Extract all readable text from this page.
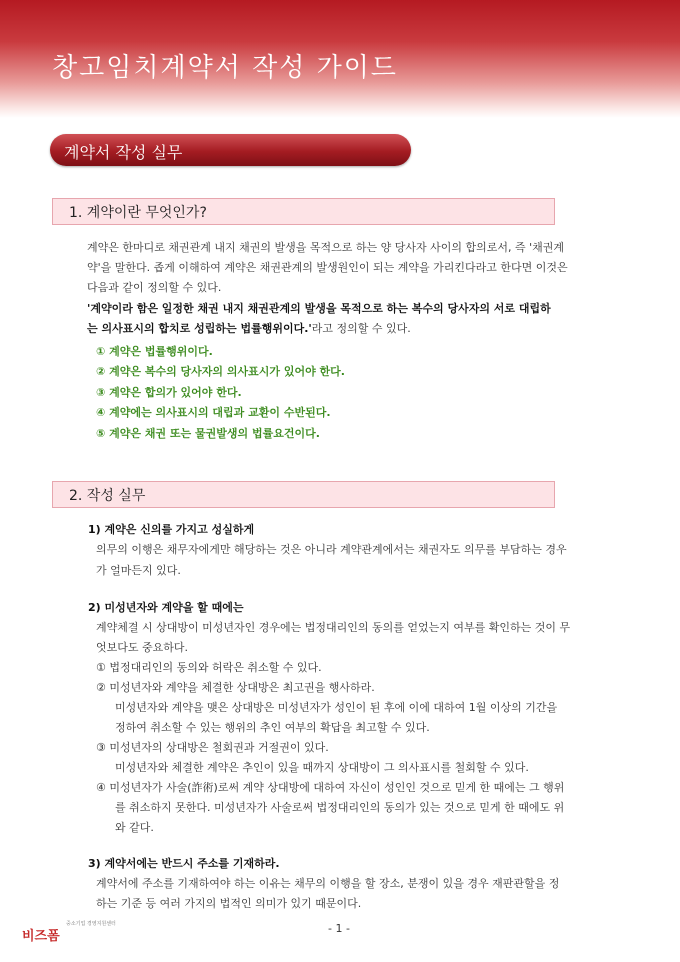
창고임치계약서 작성 가이드
계약서 작성 실무
1. 계약이란 무엇인가?
계약은 한마디로 채권관계 내지 채권의 발생을 목적으로 하는 양 당사자 사이의 합의로서, 즉 '채권계
약'을 말한다. 좁게 이해하여 계약은 채권관계의 발생원인이 되는 계약을 가리킨다라고 한다면 이것은
다음과 같이 정의할 수 있다.
'계약이라 함은 일정한 채권 내지 채권관계의 발생을 목적으로 하는 복수의 당사자의 서로 대립하
는 의사표시의 합치로 성립하는 법률행위이다.'라고 정의할 수 있다.
① 계약은 법률행위이다.
② 계약은 복수의 당사자의 의사표시가 있어야 한다.
③ 계약은 합의가 있어야 한다.
④ 계약에는 의사표시의 대립과 교환이 수반된다.
⑤ 계약은 채권 또는 물권발생의 법률요건이다.
2. 작성 실무
1) 계약은 신의를 가지고 성실하게
의무의 이행은 채무자에게만 해당하는 것은 아니라 계약관계에서는 채권자도 의무를 부담하는 경우
가 얼마든지 있다.
2) 미성년자와 계약을 할 때에는
계약체결 시 상대방이 미성년자인 경우에는 법정대리인의 동의를 얻었는지 여부를 확인하는 것이 무
엇보다도 중요하다.
① 법정대리인의 동의와 허락은 취소할 수 있다.
② 미성년자와 계약을 체결한 상대방은 최고권을 행사하라.
미성년자와 계약을 맺은 상대방은 미성년자가 성인이 된 후에 이에 대하여 1월 이상의 기간을
정하여 취소할 수 있는 행위의 추인 여부의 확답을 최고할 수 있다.
③ 미성년자의 상대방은 철회권과 거절권이 있다.
미성년자와 체결한 계약은 추인이 있을 때까지 상대방이 그 의사표시를 철회할 수 있다.
④ 미성년자가 사술(詐術)로써 계약 상대방에 대하여 자신이 성인인 것으로 믿게 한 때에는 그 행위
를 취소하지 못한다. 미성년자가 사술로써 법정대리인의 동의가 있는 것으로 믿게 한 때에도 위
와 같다.
3) 계약서에는 반드시 주소를 기재하라.
계약서에 주소를 기재하여야 하는 이유는 채무의 이행을 할 장소, 분쟁이 있을 경우 재판관할을 정
하는 기준 등 여러 가지의 법적인 의미가 있기 때문이다.
비즈폼
중소기업 경영지원센터	- 1 -
